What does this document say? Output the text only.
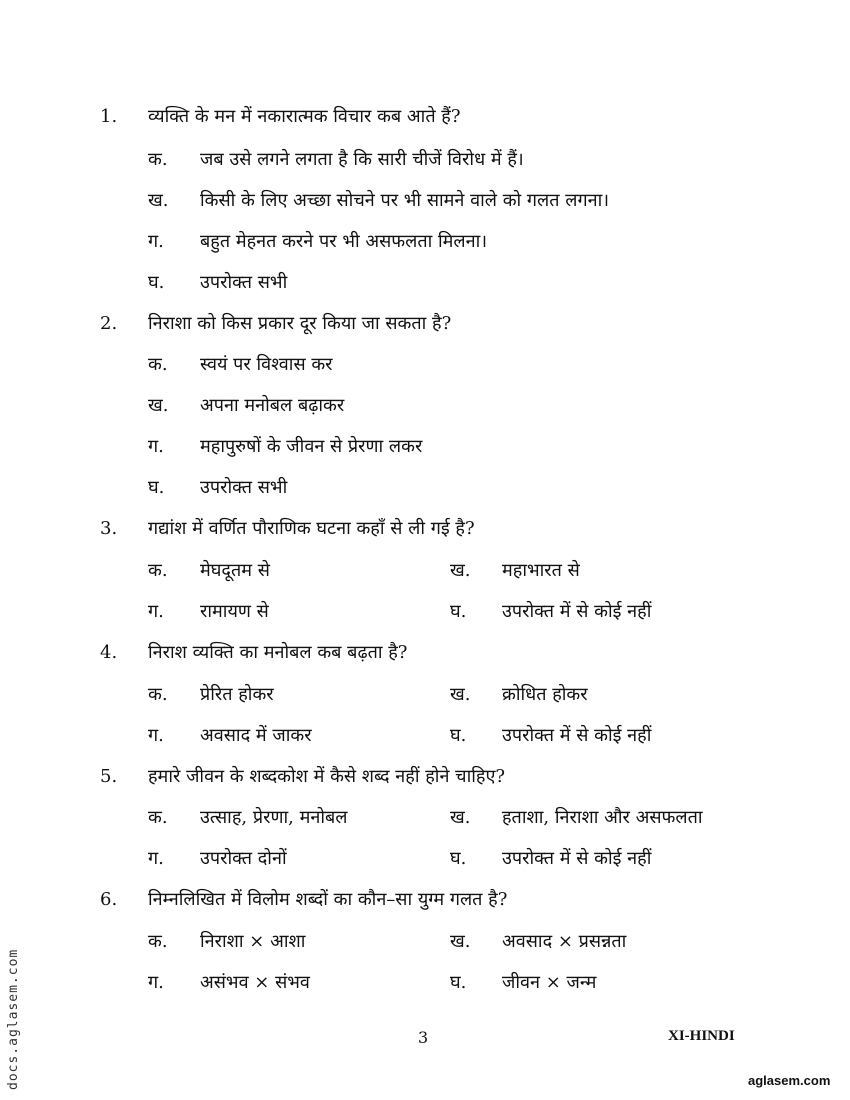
docs.aglasem.com
1. व्यक्ति के मन में नकारात्मक विचार कब आते हैं?
क. जब उसे लगने लगता है कि सारी चीजें विरोध में हैं।
ख. किसी के लिए अच्छा सोचने पर भी सामने वाले को गलत लगना।
ग. बहुत मेहनत करने पर भी असफलता मिलना।
घ. उपरोक्त सभी
2. निराशा को किस प्रकार दूर किया जा सकता है?
क. स्वयं पर विश्वास कर
ख. अपना मनोबल बढ़ाकर
ग. महापुरुषों के जीवन से प्रेरणा लकर
घ. उपरोक्त सभी
3. गद्यांश में वर्णित पौराणिक घटना कहाँ से ली गई है?
क. मेघदूतम से	ख. महाभारत से
ग. रामायण से	घ. उपरोक्त में से कोई नहीं
4. निराश व्यक्ति का मनोबल कब बढ़ता है?
क. प्रेरित होकर	ख. क्रोधित होकर
ग. अवसाद में जाकर	घ. उपरोक्त में से कोई नहीं
5. हमारे जीवन के शब्दकोश में कैसे शब्द नहीं होने चाहिए?
क. उत्साह, प्रेरणा, मनोबल	ख. हताशा, निराशा और असफलता
ग. उपरोक्त दोनों	घ. उपरोक्त में से कोई नहीं
6. निम्नलिखित में विलोम शब्दों का कौन–सा युग्म गलत है?
क. निराशा × आशा	ख. अवसाद × प्रसन्नता
ग. असंभव × संभव	घ. जीवन × जन्म
3	XI-HINDI
aglasem.com
